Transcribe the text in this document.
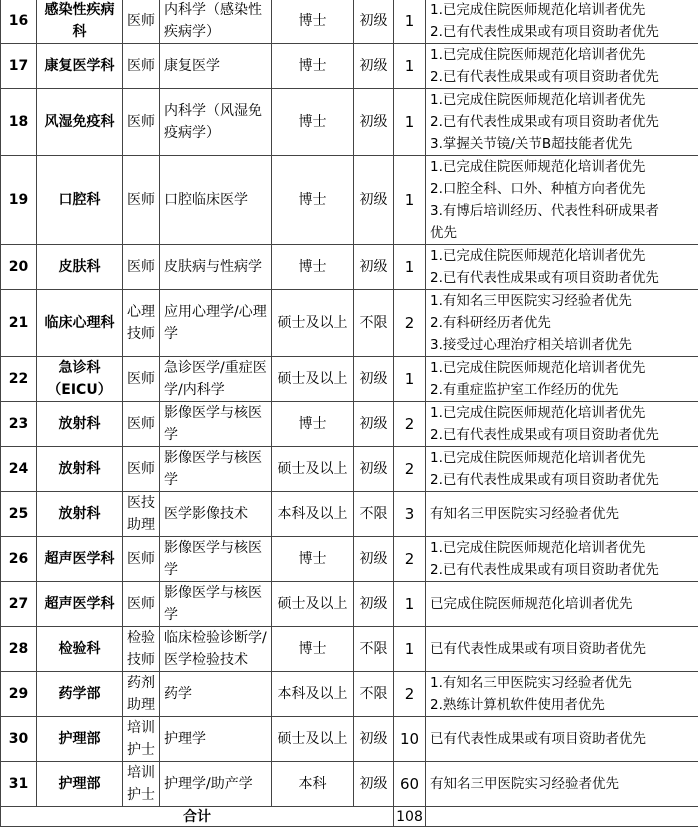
16	感染性疾病科	医师	内科学（感染性疾病学）	博士	初级	1	1.已完成住院医师规范化培训者优先
2.已有代表性成果或有项目资助者优先

17	康复医学科	医师	康复医学	博士	初级	1	1.已完成住院医师规范化培训者优先
2.已有代表性成果或有项目资助者优先

18	风湿免疫科	医师	内科学（风湿免疫病学）	博士	初级	1	1.已完成住院医师规范化培训者优先
2.已有代表性成果或有项目资助者优先
3.掌握关节镜/关节B超技能者优先

19	口腔科	医师	口腔临床医学	博士	初级	1	1.已完成住院医师规范化培训者优先
2.口腔全科、口外、种植方向者优先
3.有博后培训经历、代表性科研成果者
优先

20	皮肤科	医师	皮肤病与性病学	博士	初级	1	1.已完成住院医师规范化培训者优先
2.已有代表性成果或有项目资助者优先

21	临床心理科	心理技师	应用心理学/心理学	硕士及以上	不限	2	1.有知名三甲医院实习经验者优先
2.有科研经历者优先
3.接受过心理治疗相关培训者优先

22	急诊科（EICU）	医师	急诊医学/重症医学/内科学	硕士及以上	初级	1	1.已完成住院医师规范化培训者优先
2.有重症监护室工作经历的优先

23	放射科	医师	影像医学与核医学	博士	初级	2	1.已完成住院医师规范化培训者优先
2.已有代表性成果或有项目资助者优先

24	放射科	医师	影像医学与核医学	硕士及以上	初级	2	1.已完成住院医师规范化培训者优先
2.已有代表性成果或有项目资助者优先

25	放射科	医技助理	医学影像技术	本科及以上	不限	3	有知名三甲医院实习经验者优先

26	超声医学科	医师	影像医学与核医学	博士	初级	2	1.已完成住院医师规范化培训者优先
2.已有代表性成果或有项目资助者优先

27	超声医学科	医师	影像医学与核医学	硕士及以上	初级	1	已完成住院医师规范化培训者优先

28	检验科	检验技师	临床检验诊断学/医学检验技术	博士	不限	1	已有代表性成果或有项目资助者优先

29	药学部	药剂助理	药学	本科及以上	不限	2	1.有知名三甲医院实习经验者优先
2.熟练计算机软件使用者优先

30	护理部	培训护士	护理学	硕士及以上	初级	10	已有代表性成果或有项目资助者优先

31	护理部	培训护士	护理学/助产学	本科	初级	60	有知名三甲医院实习经验者优先

合计						108	
